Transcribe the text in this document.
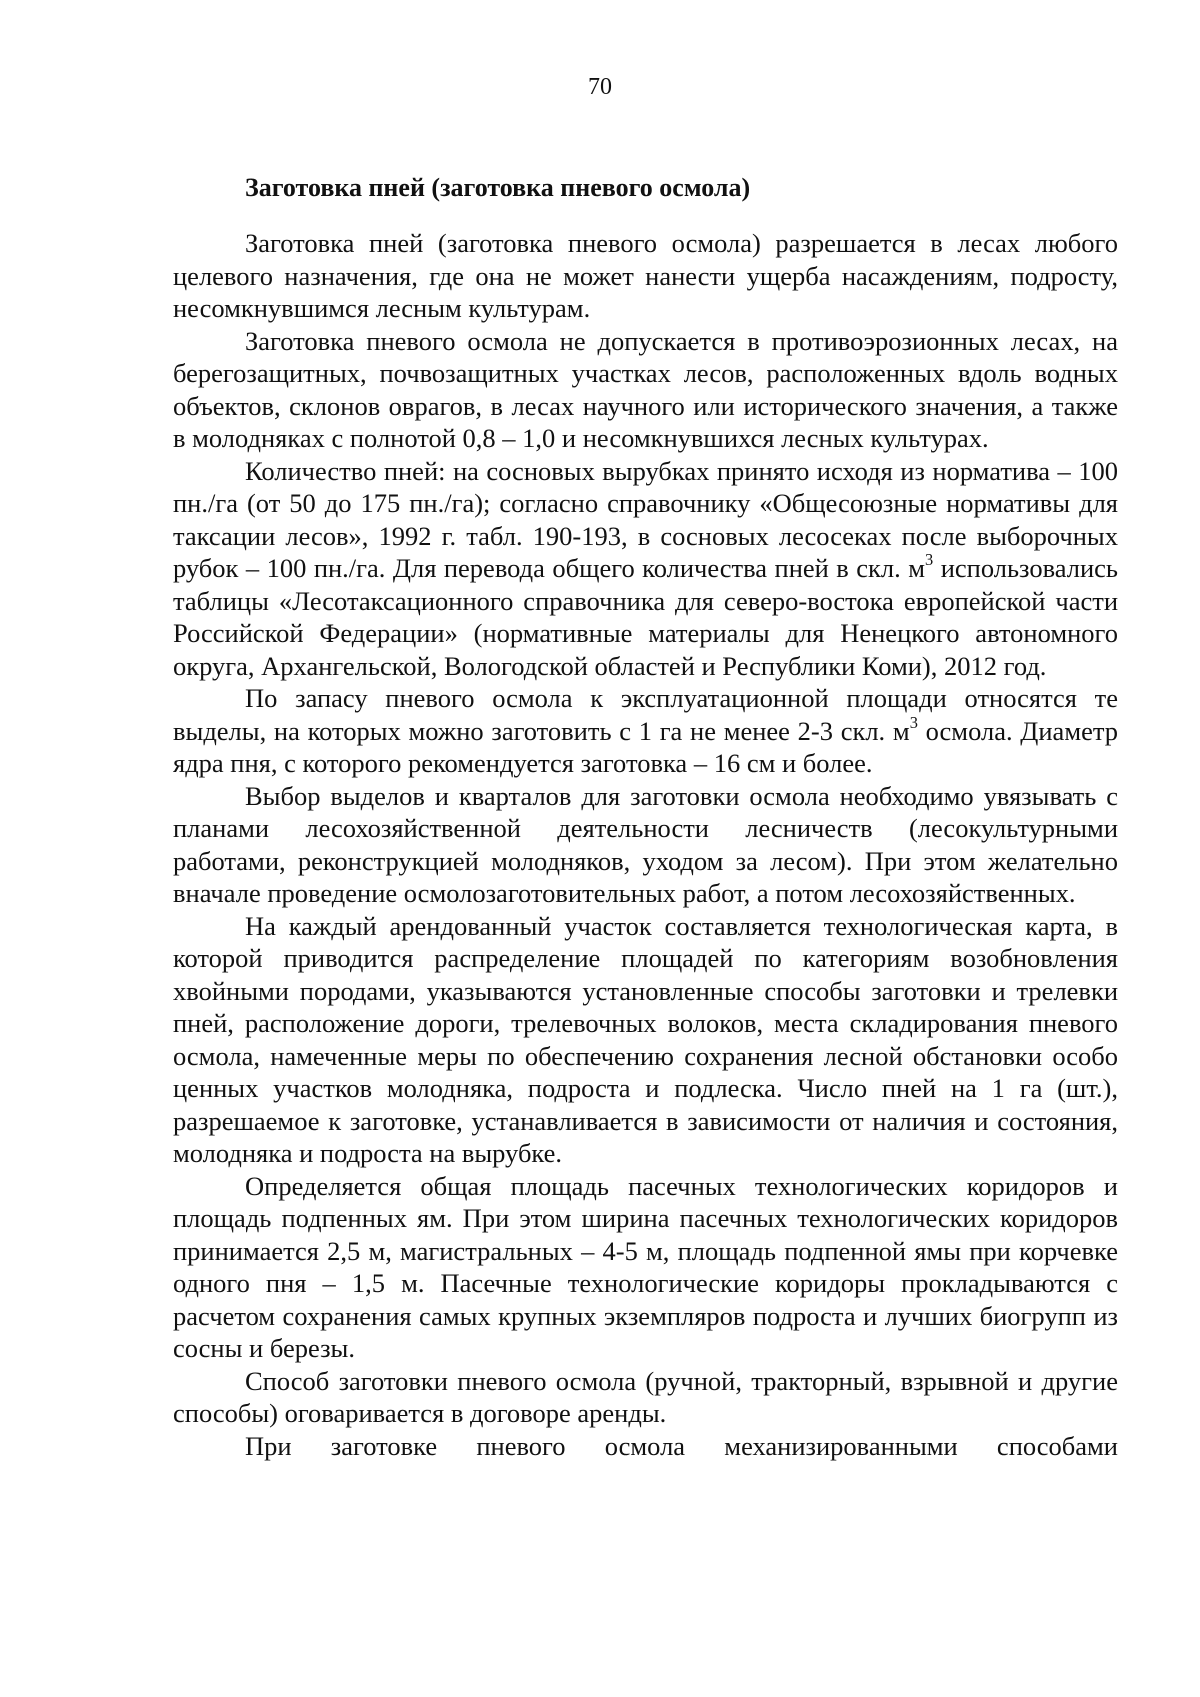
70
Заготовка пней (заготовка пневого осмола)

Заготовка пней (заготовка пневого осмола) разрешается в лесах любого целевого назначения, где она не может нанести ущерба насаждениям, подросту, несомкнувшимся лесным культурам.

Заготовка пневого осмола не допускается в противоэрозионных лесах, на берегозащитных, почвозащитных участках лесов, расположенных вдоль водных объектов, склонов оврагов, в лесах научного или исторического значения, а также в молодняках с полнотой 0,8 – 1,0 и несомкнувшихся лесных культурах.

Количество пней: на сосновых вырубках принято исходя из норматива – 100 пн./га (от 50 до 175 пн./га); согласно справочнику «Общесоюзные нормативы для таксации лесов», 1992 г. табл. 190-193, в сосновых лесосеках после выборочных рубок – 100 пн./га. Для перевода общего количества пней в скл. $м^3$ использовались таблицы «Лесотаксационного справочника для северо-востока европейской части Российской Федерации» (нормативные материалы для Ненецкого автономного округа, Архангельской, Вологодской областей и Республики Коми), 2012 год.

По запасу пневого осмола к эксплуатационной площади относятся те выделы, на которых можно заготовить с 1 га не менее 2-3 скл. $м^3$ осмола. Диаметр ядра пня, с которого рекомендуется заготовка – 16 см и более.

Выбор выделов и кварталов для заготовки осмола необходимо увязывать с планами лесохозяйственной деятельности лесничеств (лесокультурными работами, реконструкцией молодняков, уходом за лесом). При этом желательно вначале проведение осмолозаготовительных работ, а потом лесохозяйственных.

На каждый арендованный участок составляется технологическая карта, в которой приводится распределение площадей по категориям возобновления хвойными породами, указываются установленные способы заготовки и трелевки пней, расположение дороги, трелевочных волоков, места складирования пневого осмола, намеченные меры по обеспечению сохранения лесной обстановки особо ценных участков молодняка, подроста и подлеска. Число пней на 1 га (шт.), разрешаемое к заготовке, устанавливается в зависимости от наличия и состояния, молодняка и подроста на вырубке.

Определяется общая площадь пасечных технологических коридоров и площадь подпенных ям. При этом ширина пасечных технологических коридоров принимается 2,5 м, магистральных – 4-5 м, площадь подпенной ямы при корчевке одного пня – 1,5 м. Пасечные технологические коридоры прокладываются с расчетом сохранения самых крупных экземпляров подроста и лучших биогрупп из сосны и березы.

Способ заготовки пневого осмола (ручной, тракторный, взрывной и другие способы) оговаривается в договоре аренды.

При заготовке пневого осмола механизированными способами
